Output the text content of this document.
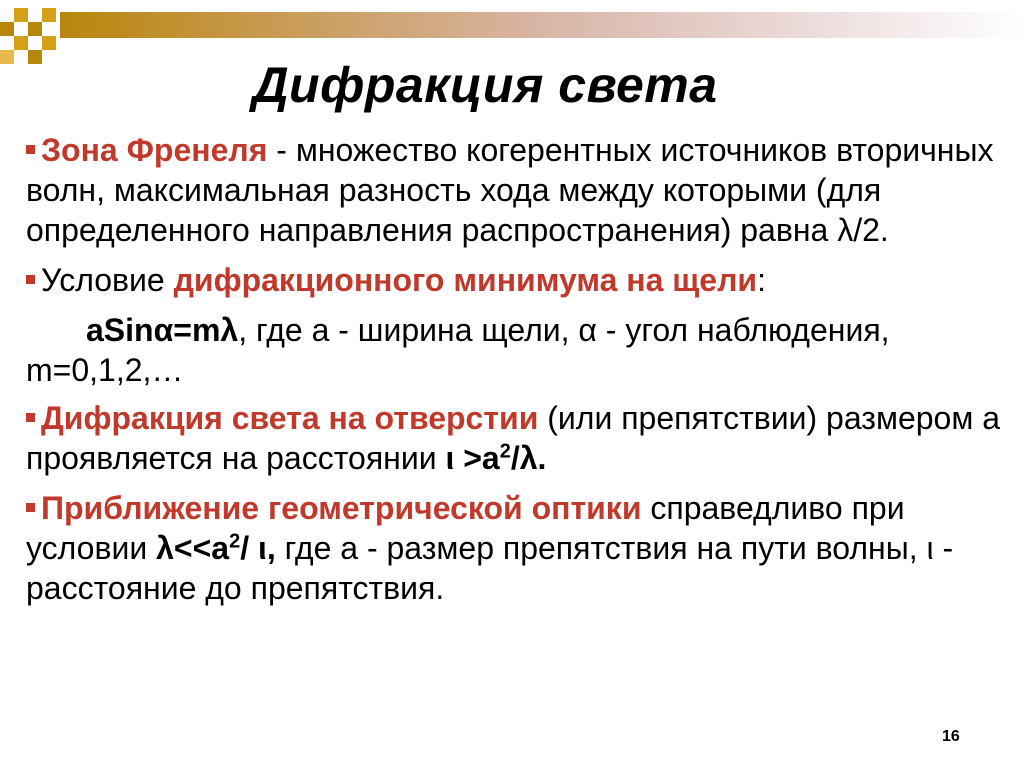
Дифракция света

Зона Френеля - множество когерентных источников вторичных волн, максимальная разность хода между которыми (для определенного направления распространения) равна λ/2.

Условие дифракционного минимума на щели:

aSinα=mλ, где a - ширина щели, α - угол наблюдения, m=0,1,2,…

Дифракция света на отверстии (или препятствии) размером а проявляется на расстоянии $\iota >a^2/\lambda$.

Приближение геометрической оптики справедливо при условии $\lambda<<a^2/$ ι, где a - размер препятствия на пути волны, ι - расстояние до препятствия.

16
